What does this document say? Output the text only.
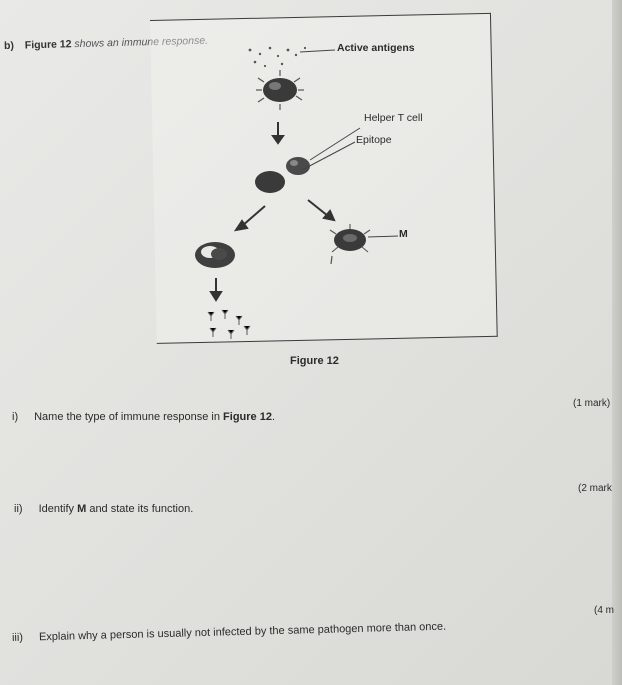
b) Figure 12 shows an immune response.	Active antigens
Helper T cell
Epitope
M
Figure 12
i) Name the type of immune response in Figure 12.
(1 mark)
ii) Identify M and state its function.
(2 mark
iii) Explain why a person is usually not infected by the same pathogen more than once.
(4 m
